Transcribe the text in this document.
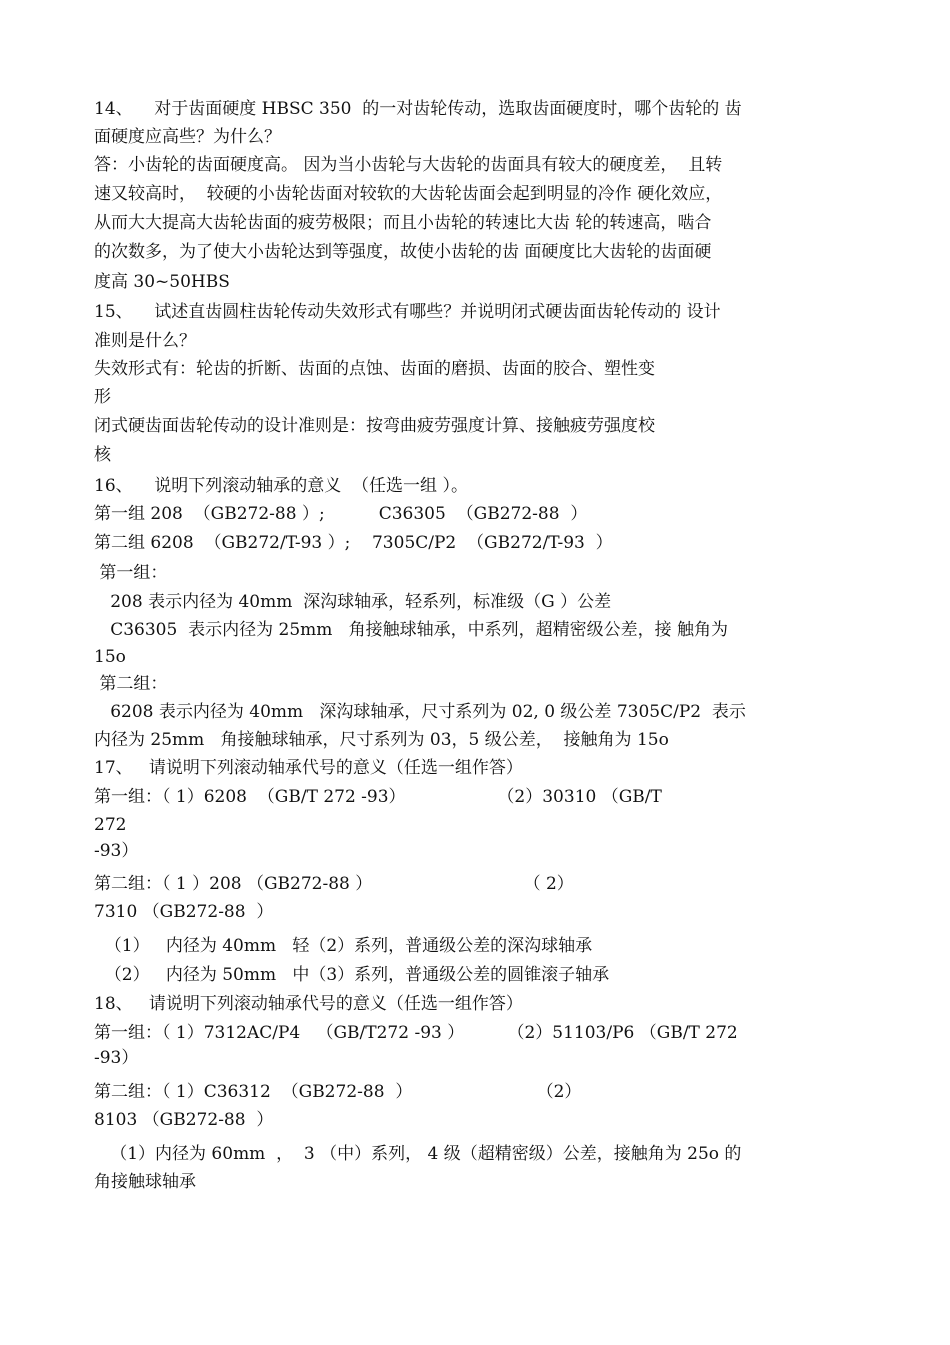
14、    对于齿面硬度 HBSC 350  的一对齿轮传动，选取齿面硬度时，哪个齿轮的 齿
面硬度应高些？为什么？
答：小齿轮的齿面硬度高。 因为当小齿轮与大齿轮的齿面具有较大的硬度差，  且转
速又较高时，  较硬的小齿轮齿面对较软的大齿轮齿面会起到明显的冷作 硬化效应，
从而大大提高大齿轮齿面的疲劳极限；而且小齿轮的转速比大齿 轮的转速高，啮合
的次数多，为了使大小齿轮达到等强度，故使小齿轮的齿 面硬度比大齿轮的齿面硬
度高 30~50HBS
15、    试述直齿圆柱齿轮传动失效形式有哪些？并说明闭式硬齿面齿轮传动的 设计
准则是什么？
失效形式有：轮齿的折断、齿面的点蚀、齿面的磨损、齿面的胶合、塑性变
形
闭式硬齿面齿轮传动的设计准则是：按弯曲疲劳强度计算、接触疲劳强度校
核
16、    说明下列滚动轴承的意义  （任选一组 ）。
第一组 208  （GB272-88 ）;          C36305  （GB272-88  ）
第二组 6208  （GB272/T-93 ）;    7305C/P2  （GB272/T-93  ）
第一组：
208 表示内径为 40mm  深沟球轴承，轻系列，标准级（G ）公差
C36305  表示内径为 25mm   角接触球轴承，中系列，超精密级公差，接 触角为
15o
第二组：
6208 表示内径为 40mm   深沟球轴承，尺寸系列为 02, 0 级公差 7305C/P2  表示
内径为 25mm   角接触球轴承，尺寸系列为 03，5 级公差，  接触角为 15o
17、   请说明下列滚动轴承代号的意义（任选一组作答）
第一组：（ 1）6208  （GB/T 272 -93）                 （2）30310 （GB/T
272
-93）
第二组：（ 1 ）208 （GB272-88 ）                            （ 2）
7310 （GB272-88  ）
（1）   内径为 40mm   轻（2）系列，普通级公差的深沟球轴承
（2）   内径为 50mm   中（3）系列，普通级公差的圆锥滚子轴承
18、   请说明下列滚动轴承代号的意义（任选一组作答）
第一组：（ 1）7312AC/P4   （GB/T272 -93 ）        （2）51103/P6 （GB/T 272
-93）
第二组：（ 1）C36312  （GB272-88  ）                       （2）
8103 （GB272-88  ）
（1）内径为 60mm  ，  3 （中）系列， 4 级（超精密级）公差，接触角为 25o 的
角接触球轴承
